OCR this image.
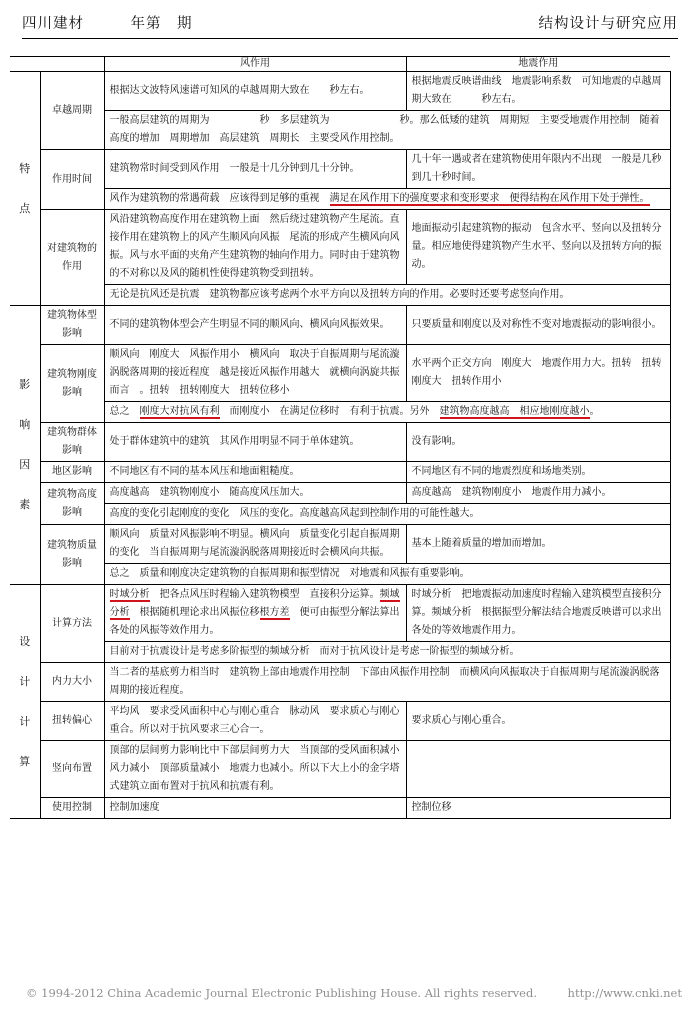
四川建材　　　	年第　期	结构设计与研究应用
		风作用	地震作用

特
点	卓越周期	根据达文波特风速谱可知风的卓越周期大致在　　秒左右。	根据地震反映谱曲线　地震影响系数　可知地震的卓越周期大致在　　　秒左右。
		一般高层建筑的周期为　　　　　秒　多层建筑为　　　　　　　秒。那么低矮的建筑　周期短　主要受地震作用控制　随着高度的增加　周期增加　高层建筑　周期长　主要受风作用控制。	
	作用时间	建筑物常时间受到风作用　一般是十几分钟到几十分钟。	几十年一遇或者在建筑物使用年限内不出现　一般是几秒到几十秒时间。
		风作为建筑物的常遇荷载　应该得到足够的重视　满足在风作用下的强度要求和变形要求　便得结构在风作用下处于弹性。	
	对建筑物的作用	风沿建筑物高度作用在建筑物上面　然后绕过建筑物产生尾流。直接作用在建筑物上的风产生顺风向风振　尾流的形成产生横风向风振。风与水平面的夹角产生建筑物的轴向作用力。同时由于建筑物的不对称以及风的随机性使得建筑物受到扭转。	地面振动引起建筑物的振动　包含水平、竖向以及扭转分量。相应地使得建筑物产生水平、竖向以及扭转方向的振动。
		无论是抗风还是抗震　建筑物都应该考虑两个水平方向以及扭转方向的作用。必要时还要考虑竖向作用。	

影
响
因
素	建筑物体型影响	不同的建筑物体型会产生明显不同的顺风向、横风向风振效果。	只要质量和刚度以及对称性不变对地震振动的影响很小。
	建筑物刚度影响	顺风向　刚度大　风振作用小　横风向　取决于自振周期与尾流漩涡脱落周期的接近程度　越是接近风振作用越大　就横向涡旋共振而言　。扭转　扭转刚度大　扭转位移小	水平两个正交方向　刚度大　地震作用力大。扭转　扭转刚度大　扭转作用小
		总之　刚度大对抗风有利　而刚度小　在满足位移时　有利于抗震。另外　建筑物高度越高　相应地刚度越小。	
	建筑物群体影响	处于群体建筑中的建筑　其风作用明显不同于单体建筑。	没有影响。
	地区影响	不同地区有不同的基本风压和地面粗糙度。	不同地区有不同的地震烈度和场地类别。
	建筑物高度影响	高度越高　建筑物刚度小　随高度风压加大。	高度越高　建筑物刚度小　地震作用力减小。
		高度的变化引起刚度的变化　风压的变化。高度越高风起到控制作用的可能性越大。	
	建筑物质量影响	顺风向　质量对风振影响不明显。横风向　质量变化引起自振周期的变化　当自振周期与尾流漩涡脱落周期接近时会横风向共振。	基本上随着质量的增加而增加。
		总之　质量和刚度决定建筑物的自振周期和振型情况　对地震和风振有重要影响。	

设
计
计
算	计算方法	时域分析　把各点风压时程输入建筑物模型　直接积分运算。频域分析　根据随机理论求出风振位移根方差　便可由振型分解法算出各处的风振等效作用力。	时域分析　把地震振动加速度时程输入建筑模型直接积分算。频域分析　根据振型分解法结合地震反映谱可以求出各处的等效地震作用力。
		目前对于抗震设计是考虑多阶振型的频域分析　而对于抗风设计是考虑一阶振型的频域分析。	
	内力大小	当二者的基底剪力相当时　建筑物上部由地震作用控制　下部由风振作用控制　而横风向风振取决于自振周期与尾流漩涡脱落周期的接近程度。	
	扭转偏心	平均风　要求受风面积中心与刚心重合　脉动风　要求质心与刚心重合。所以对于抗风要求三心合一。	要求质心与刚心重合。
	竖向布置	顶部的层间剪力影响比中下部层间剪力大　当顶部的受风面积减小　风力减小　顶部质量减小　地震力也减小。所以下大上小的金字塔式建筑立面布置对于抗风和抗震有利。	
	使用控制	控制加速度	控制位移
© 1994-2012 China Academic Journal Electronic Publishing House. All rights reserved.	http://www.cnki.net
